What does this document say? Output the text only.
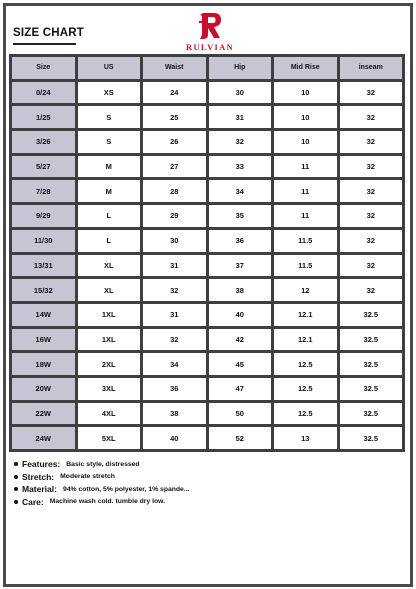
SIZE CHART
RULVIAN
Size	US	Waist	Hip	Mid Rise	inseam
0/24	XS	24	30	10	32
1/25	S	25	31	10	32
3/26	S	26	32	10	32
5/27	M	27	33	11	32
7/28	M	28	34	11	32
9/29	L	29	35	11	32
11/30	L	30	36	11.5	32
13/31	XL	31	37	11.5	32
15/32	XL	32	38	12	32
14W	1XL	31	40	12.1	32.5
16W	1XL	32	42	12.1	32.5
18W	2XL	34	45	12.5	32.5
20W	3XL	36	47	12.5	32.5
22W	4XL	38	50	12.5	32.5
24W	5XL	40	52	13	32.5
Features: Basic style, distressed
Stretch: Moderate stretch
Material: 94% cotton, 5% polyester, 1% spande...
Care: Machine wash cold. tumble dry low.
